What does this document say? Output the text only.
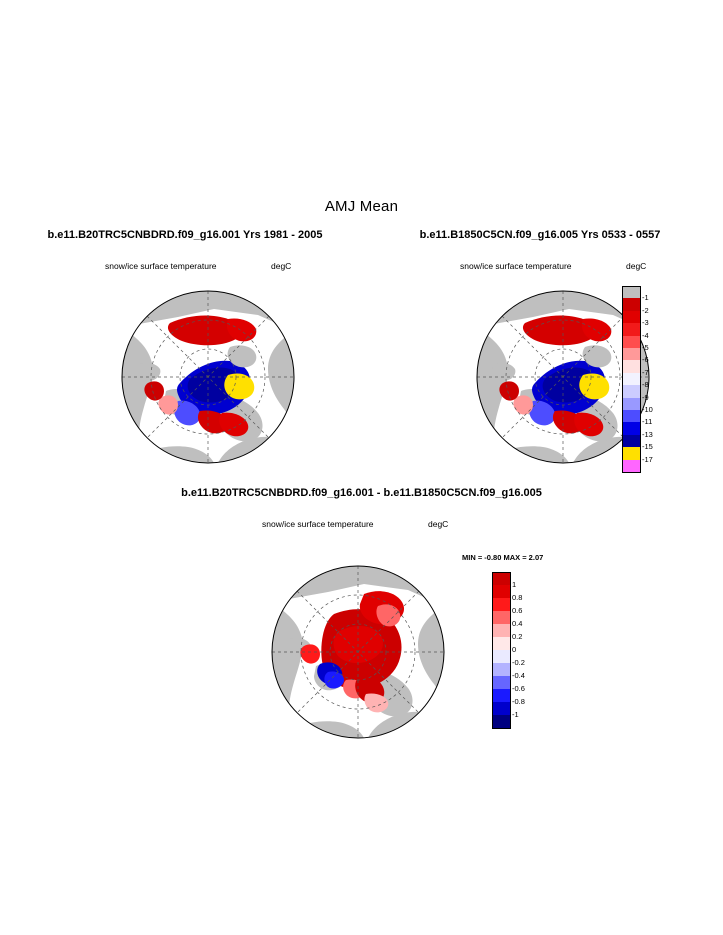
AMJ Mean
b.e11.B20TRC5CNBDRD.f09_g16.001 Yrs 1981 - 2005	b.e11.B1850C5CN.f09_g16.005 Yrs 0533 - 0557
b.e11.B20TRC5CNBDRD.f09_g16.001 - b.e11.B1850C5CN.f09_g16.005
snow/ice surface temperature	degC	snow/ice surface temperature	degC
snow/ice surface temperature	degC
MIN = -0.80 MAX = 2.07
-1
-2
-3
-4
-5
-6
-7
-8
-9
-10
-11
-13
-15
-17
1
0.8
0.6
0.4
0.2
0
-0.2
-0.4
-0.6
-0.8
-1
